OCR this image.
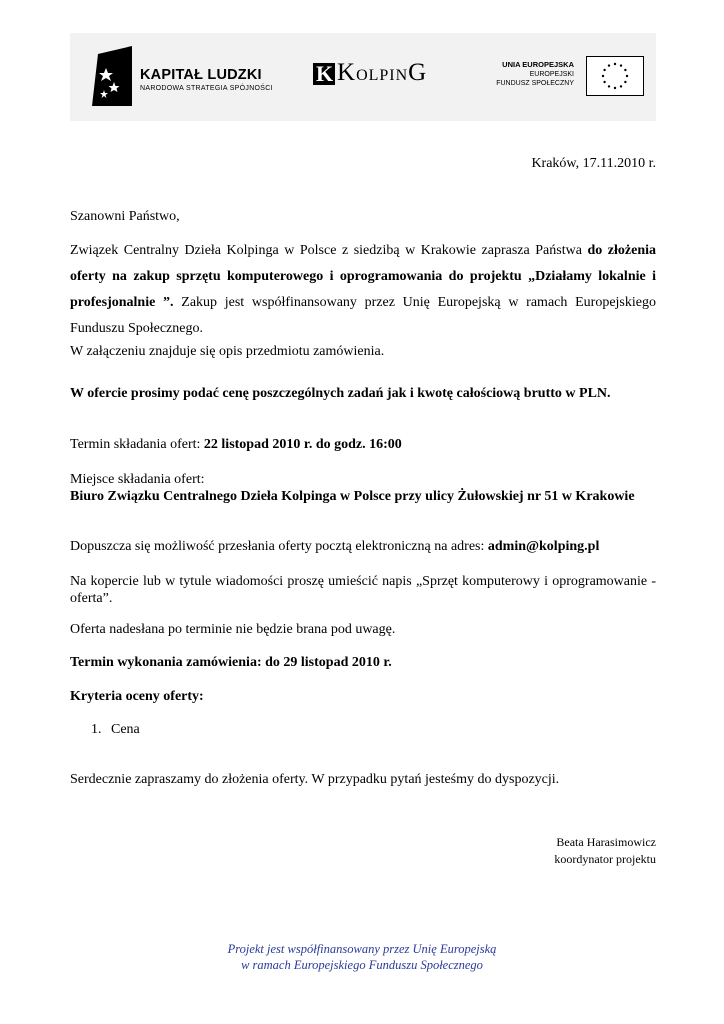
KAPITAŁ LUDZKI
NARODOWA STRATEGIA SPÓJNOŚCI
K KOLPING	UNIA EUROPEJSKA
EUROPEJSKI
FUNDUSZ SPOŁECZNY
Kraków, 17.11.2010 r.
Szanowni Państwo,
Związek Centralny Dzieła Kolpinga w Polsce z siedzibą w Krakowie zaprasza Państwa do złożenia oferty na zakup sprzętu komputerowego i oprogramowania do projektu „Działamy lokalnie i profesjonalnie ”. Zakup jest współfinansowany przez Unię Europejską w ramach Europejskiego Funduszu Społecznego.
W załączeniu znajduje się opis przedmiotu zamówienia.
W ofercie prosimy podać cenę poszczególnych zadań jak i kwotę całościową brutto w PLN.
Termin składania ofert: 22 listopad 2010 r. do godz. 16:00
Miejsce składania ofert:
Biuro Związku Centralnego Dzieła Kolpinga w Polsce przy ulicy Żułowskiej nr 51 w Krakowie
Dopuszcza się możliwość przesłania oferty pocztą elektroniczną na adres: admin@kolping.pl
Na kopercie lub w tytule wiadomości proszę umieścić napis „Sprzęt komputerowy i oprogramowanie - oferta”.
Oferta nadesłana po terminie nie będzie brana pod uwagę.
Termin wykonania zamówienia: do 29 listopad 2010 r.
Kryteria oceny oferty:
1. Cena
Serdecznie zapraszamy do złożenia oferty. W przypadku pytań jesteśmy do dyspozycji.
Beata Harasimowicz
koordynator projektu
Projekt jest współfinansowany przez Unię Europejską
w ramach Europejskiego Funduszu Społecznego
